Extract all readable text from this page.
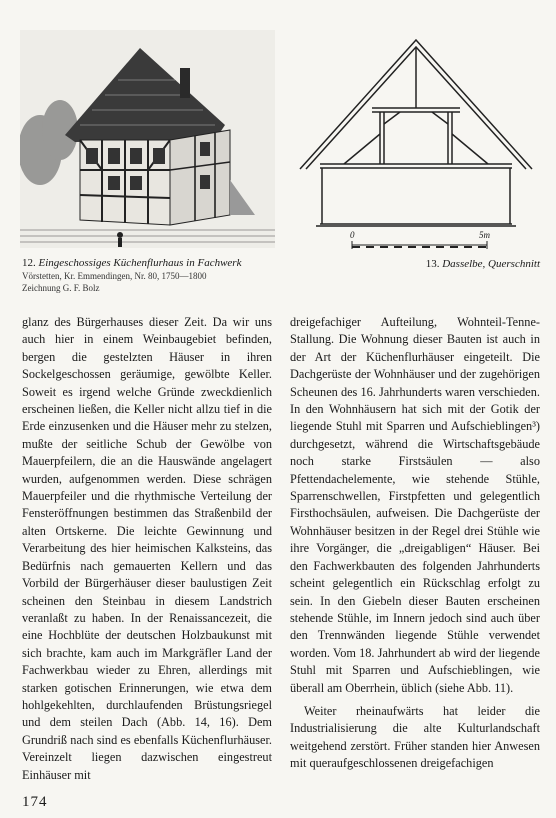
0	5m
12. Eingeschossiges Küchenflurhaus in Fachwerk
Vörstetten, Kr. Emmendingen, Nr. 80, 1750—1800
Zeichnung G. F. Bolz
13. Dasselbe, Querschnitt

glanz des Bürgerhauses dieser Zeit. Da wir uns auch hier in einem Weinbaugebiet befinden, bergen die gestelzten Häuser in ihren Sockelgeschossen geräumige, gewölbte Keller. Soweit es irgend welche Gründe zweckdienlich erscheinen ließen, die Keller nicht allzu tief in die Erde einzusenken und die Häuser mehr zu stelzen, mußte der seitliche Schub der Gewölbe von Mauerpfeilern, die an die Hauswände angelagert wurden, aufgenommen werden. Diese schrägen Mauerpfeiler und die rhythmische Verteilung der Fensteröffnungen bestimmen das Straßenbild der alten Ortskerne. Die leichte Gewinnung und Verarbeitung des hier heimischen Kalksteins, das Bedürfnis nach gemauerten Kellern und das Vorbild der Bürgerhäuser dieser baulustigen Zeit scheinen den Steinbau in diesem Landstrich veranlaßt zu haben. In der Renaissancezeit, die eine Hochblüte der deutschen Holzbaukunst mit sich brachte, kam auch im Markgräfler Land der Fachwerkbau wieder zu Ehren, allerdings mit starken gotischen Erinnerungen, wie etwa dem hohlgekehlten, durchlaufenden Brüstungsriegel und dem steilen Dach (Abb. 14, 16). Dem Grundriß nach sind es ebenfalls Küchenflurhäuser. Vereinzelt liegen dazwischen eingestreut Einhäuser mit

dreigefachiger Aufteilung, Wohnteil-Tenne-Stallung. Die Wohnung dieser Bauten ist auch in der Art der Küchenflurhäuser eingeteilt. Die Dachgerüste der Wohnhäuser und der zugehörigen Scheunen des 16. Jahrhunderts waren verschieden. In den Wohnhäusern hat sich mit der Gotik der liegende Stuhl mit Sparren und Aufschieblingen³) durchgesetzt, während die Wirtschaftsgebäude noch starke Firstsäulen — also Pfettendachelemente, wie stehende Stühle, Sparrenschwellen, Firstpfetten und gelegentlich Firsthochsäulen, aufweisen. Die Dachgerüste der Wohnhäuser besitzen in der Regel drei Stühle wie ihre Vorgänger, die „dreigabligen“ Häuser. Bei den Fachwerkbauten des folgenden Jahrhunderts scheint gelegentlich ein Rückschlag erfolgt zu sein. In den Giebeln dieser Bauten erscheinen stehende Stühle, im Innern jedoch sind auch über den Trennwänden liegende Stühle verwendet worden. Vom 18. Jahrhundert ab wird der liegende Stuhl mit Sparren und Aufschieblingen, wie überall am Oberrhein, üblich (siehe Abb. 11).

Weiter rheinaufwärts hat leider die Industrialisierung die alte Kulturlandschaft weitgehend zerstört. Früher standen hier Anwesen mit queraufgeschlossenen dreigefachigen

174
